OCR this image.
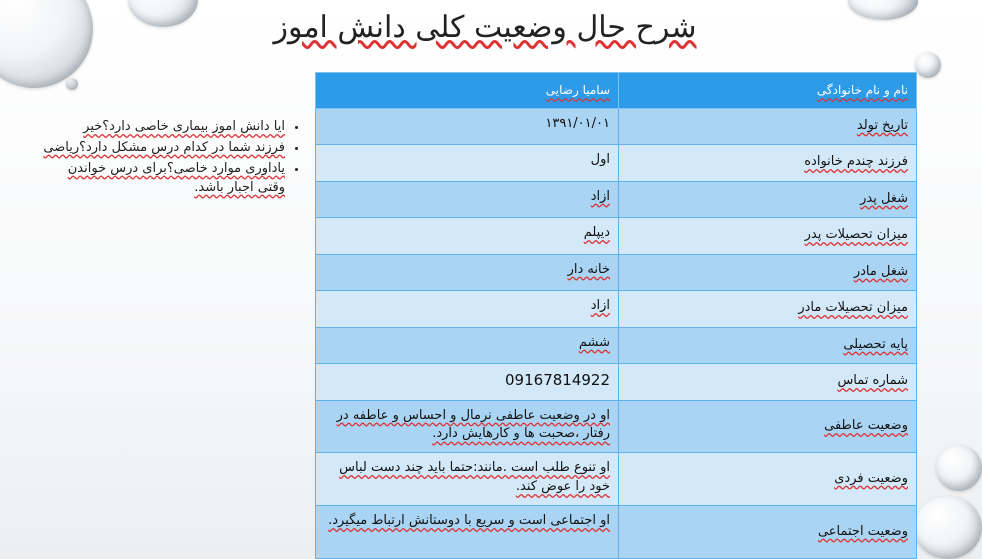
شرح حال وضعیت کلی دانش اموز
نام و نام خانوادگی	ساميا رضايى
تاریخ تولد	۱۳۹۱/۰۱/۰۱
فرزند چندم خانواده	اول
شغل پدر	ازاد
میزان تحصیلات پدر	دیپلم
شغل مادر	خانه دار
میزان تحصیلات مادر	ازاد
پایه تحصیلی	ششم
شماره تماس	09167814922
وضعیت عاطفی	او در وضعیت عاطفی نرمال و احساس و عاطفه در رفتار ،صحبت ها و کارهایش دارد.
وضعیت فردی	او تنوع طلب است .مانند:حتما باید چند دست لباس خود را عوض کند.
وضعیت اجتماعی	او اجتماعی است و سریع با دوستانش ارتباط میگیرد.
• ایا دانش اموز بیماری خاصی دارد؟خیر
• فرزند شما در کدام درس مشکل دارد؟ریاضی
• یاداوری موارد خاصی؟برای درس خواندن وقتی اجبار باشد.
